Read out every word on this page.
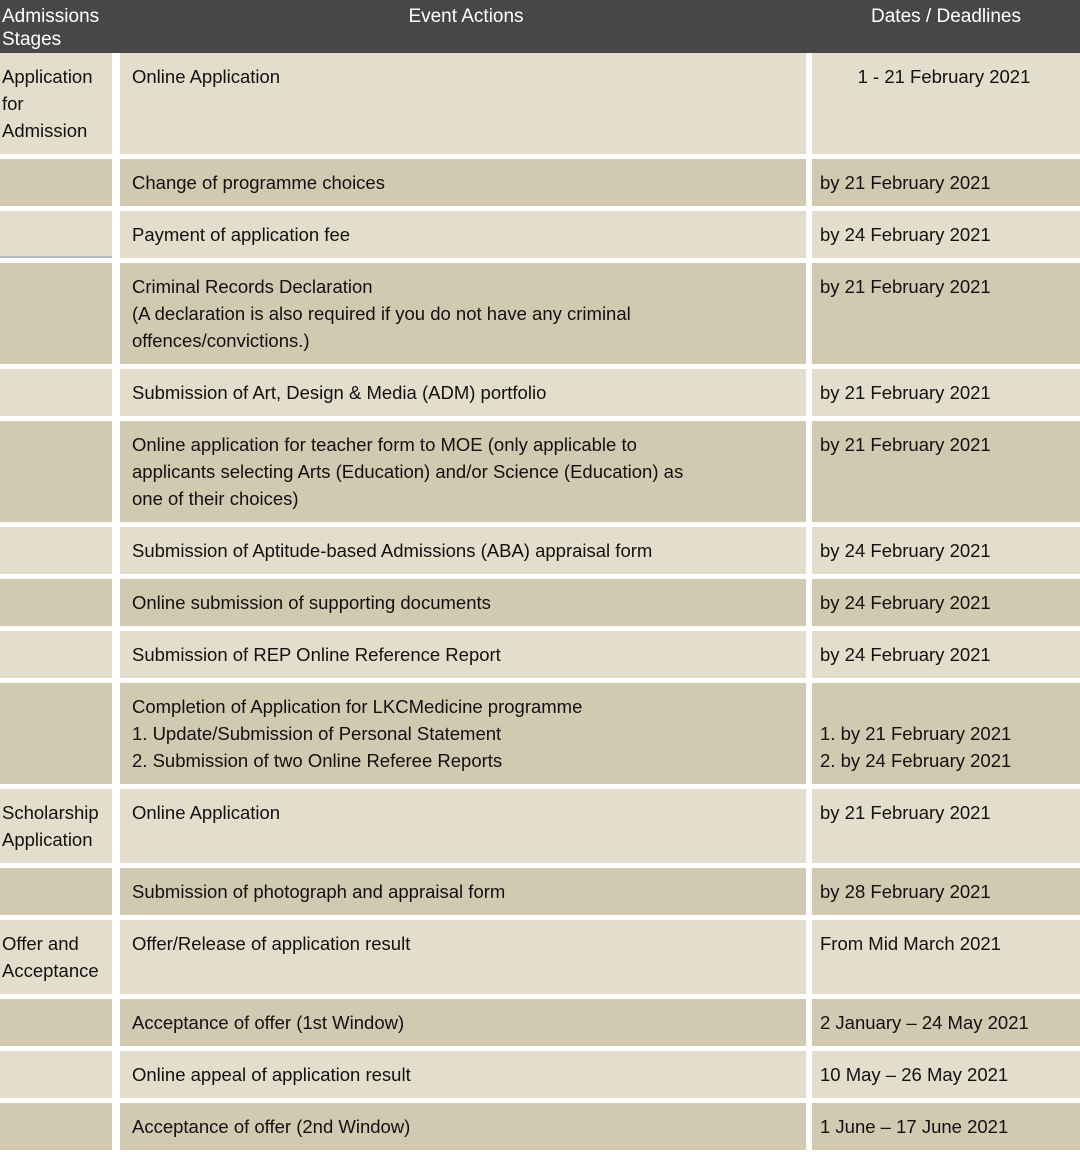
Admissions
Stages	Event Actions	Dates / Deadlines

Application
for
Admission	Online Application	1 - 21 February 2021

	Change of programme choices	by 21 February 2021

	Payment of application fee	by 24 February 2021

	Criminal Records Declaration
(A declaration is also required if you do not have any criminal
offences/convictions.)	by 21 February 2021

	Submission of Art, Design & Media (ADM) portfolio	by 21 February 2021

	Online application for teacher form to MOE (only applicable to
applicants selecting Arts (Education) and/or Science (Education) as
one of their choices)	by 21 February 2021

	Submission of Aptitude-based Admissions (ABA) appraisal form	by 24 February 2021

	Online submission of supporting documents	by 24 February 2021

	Submission of REP Online Reference Report	by 24 February 2021

	Completion of Application for LKCMedicine programme
1. Update/Submission of Personal Statement
2. Submission of two Online Referee Reports	1. by 21 February 2021
2. by 24 February 2021

Scholarship
Application	Online Application	by 21 February 2021

	Submission of photograph and appraisal form	by 28 February 2021

Offer and
Acceptance	Offer/Release of application result	From Mid March 2021

	Acceptance of offer (1st Window)	2 January – 24 May 2021

	Online appeal of application result	10 May – 26 May 2021

	Acceptance of offer (2nd Window)	1 June – 17 June 2021
